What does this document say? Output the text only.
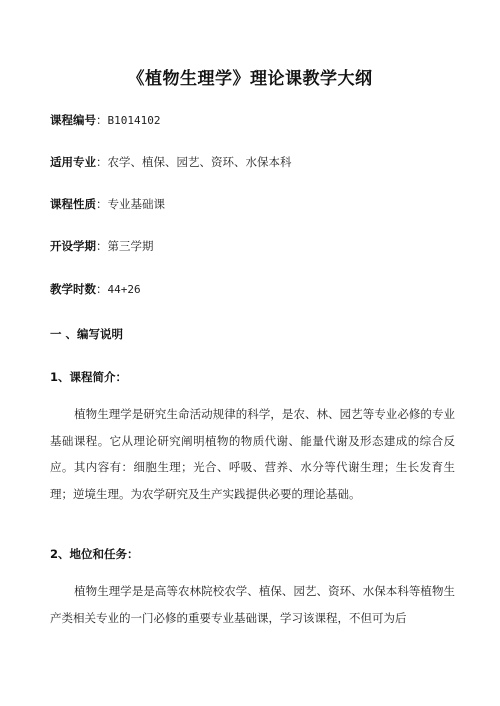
《植物生理学》理论课教学大纲
课程编号：B1014102
适用专业：农学、植保、园艺、资环、水保本科
课程性质：专业基础课
开设学期：第三学期
教学时数：44+26
一 、编写说明
1、课程简介：
植物生理学是研究生命活动规律的科学，是农、林、园艺等专业必修的专业基础课程。它从理论研究阐明植物的物质代谢、能量代谢及形态建成的综合反应。其内容有：细胞生理；光合、呼吸、营养、水分等代谢生理；生长发育生理；逆境生理。为农学研究及生产实践提供必要的理论基础。
2、地位和任务：
植物生理学是是高等农林院校农学、植保、园艺、资环、水保本科等植物生产类相关专业的一门必修的重要专业基础课，学习该课程，不但可为后
